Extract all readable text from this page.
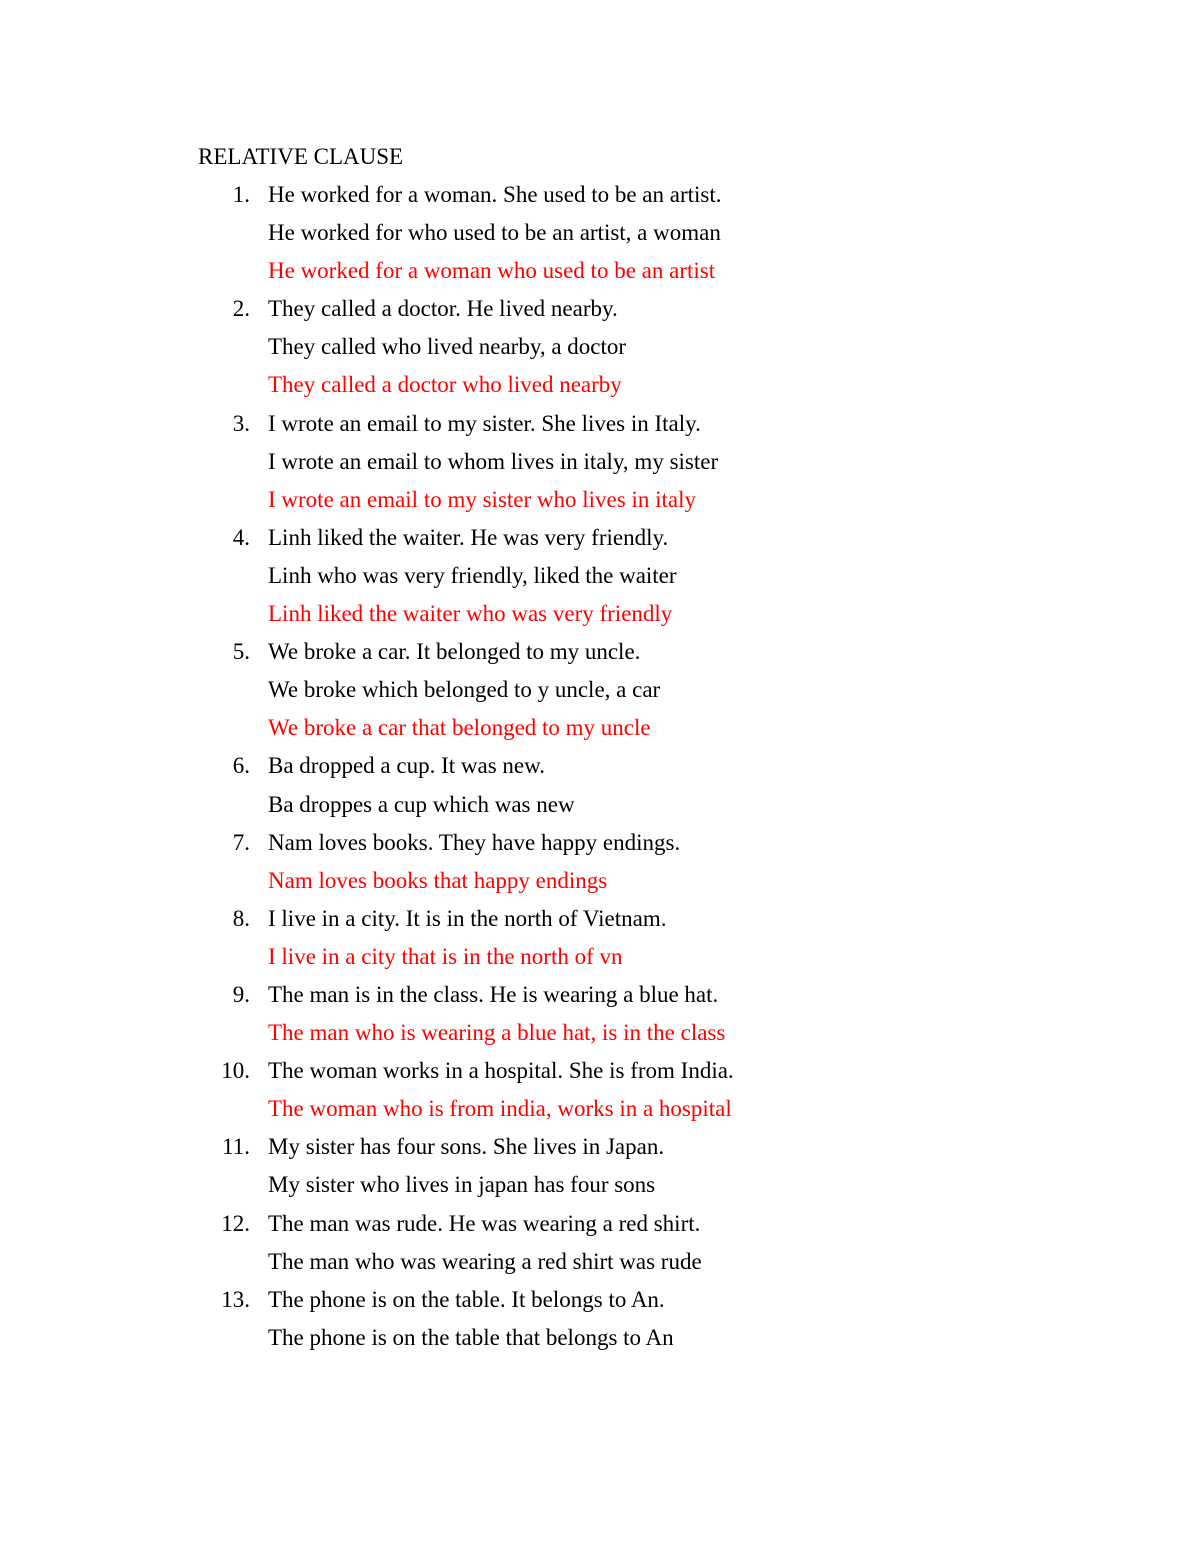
RELATIVE CLAUSE
1. He worked for a woman. She used to be an artist.
He worked for who used to be an artist, a woman
He worked for a woman who used to be an artist
2. They called a doctor. He lived nearby.
They called who lived nearby, a doctor
They called a doctor who lived nearby
3. I wrote an email to my sister. She lives in Italy.
I wrote an email to whom lives in italy, my sister
I wrote an email to my sister who lives in italy
4. Linh liked the waiter. He was very friendly.
Linh who was very friendly, liked the waiter
Linh liked the waiter who was very friendly
5. We broke a car. It belonged to my uncle.
We broke which belonged to y uncle, a car
We broke a car that belonged to my uncle
6. Ba dropped a cup. It was new.
Ba droppes a cup which was new
7. Nam loves books. They have happy endings.
Nam loves books that happy endings
8. I live in a city. It is in the north of Vietnam.
I live in a city that is in the north of vn
9. The man is in the class. He is wearing a blue hat.
The man who is wearing a blue hat, is in the class
10. The woman works in a hospital. She is from India.
The woman who is from india, works in a hospital
11. My sister has four sons. She lives in Japan.
My sister who lives in japan has four sons
12. The man was rude. He was wearing a red shirt.
The man who was wearing a red shirt was rude
13. The phone is on the table. It belongs to An.
The phone is on the table that belongs to An
